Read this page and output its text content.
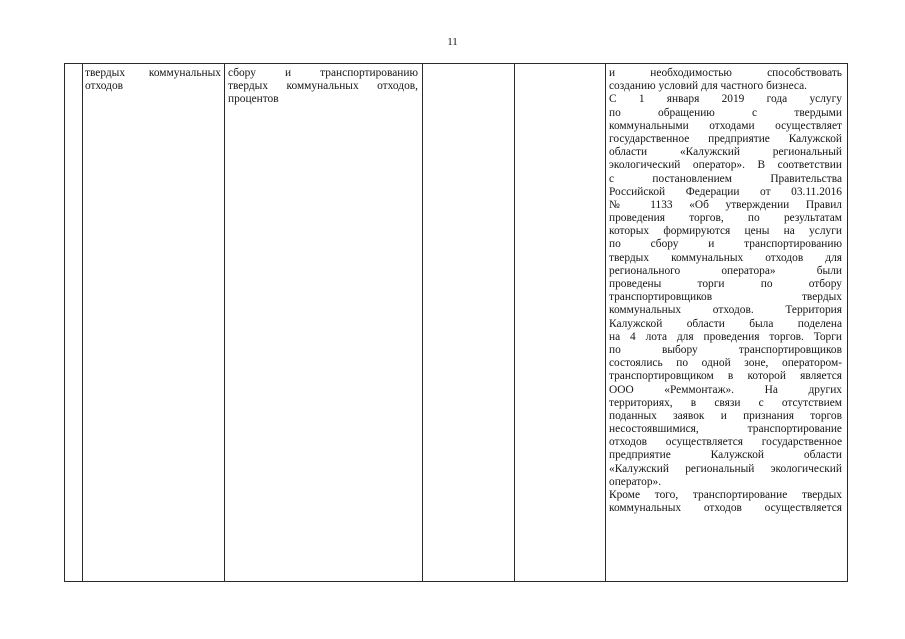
11
твердых коммунальных
отходов
сбору и транспортированию
твердых коммунальных отходов,
процентов
и необходимостью способствовать
созданию условий для частного бизнеса.
С 1 января 2019 года услугу
по обращению с твердыми
коммунальными отходами осуществляет
государственное предприятие Калужской
области «Калужский региональный
экологический оператор». В соответствии
с постановлением Правительства
Российской Федерации от 03.11.2016
№ 1133 «Об утверждении Правил
проведения торгов, по результатам
которых формируются цены на услуги
по сбору и транспортированию
твердых коммунальных отходов для
регионального оператора» были
проведены торги по отбору
транспортировщиков твердых
коммунальных отходов. Территория
Калужской области была поделена
на 4 лота для проведения торгов. Торги
по выбору транспортировщиков
состоялись по одной зоне, оператором-
транспортировщиком в которой является
ООО «Реммонтаж». На других
территориях, в связи с отсутствием
поданных заявок и признания торгов
несостоявшимися, транспортирование
отходов осуществляется государственное
предприятие Калужской области
«Калужский региональный экологический
оператор».
Кроме того, транспортирование твердых
коммунальных отходов осуществляется
